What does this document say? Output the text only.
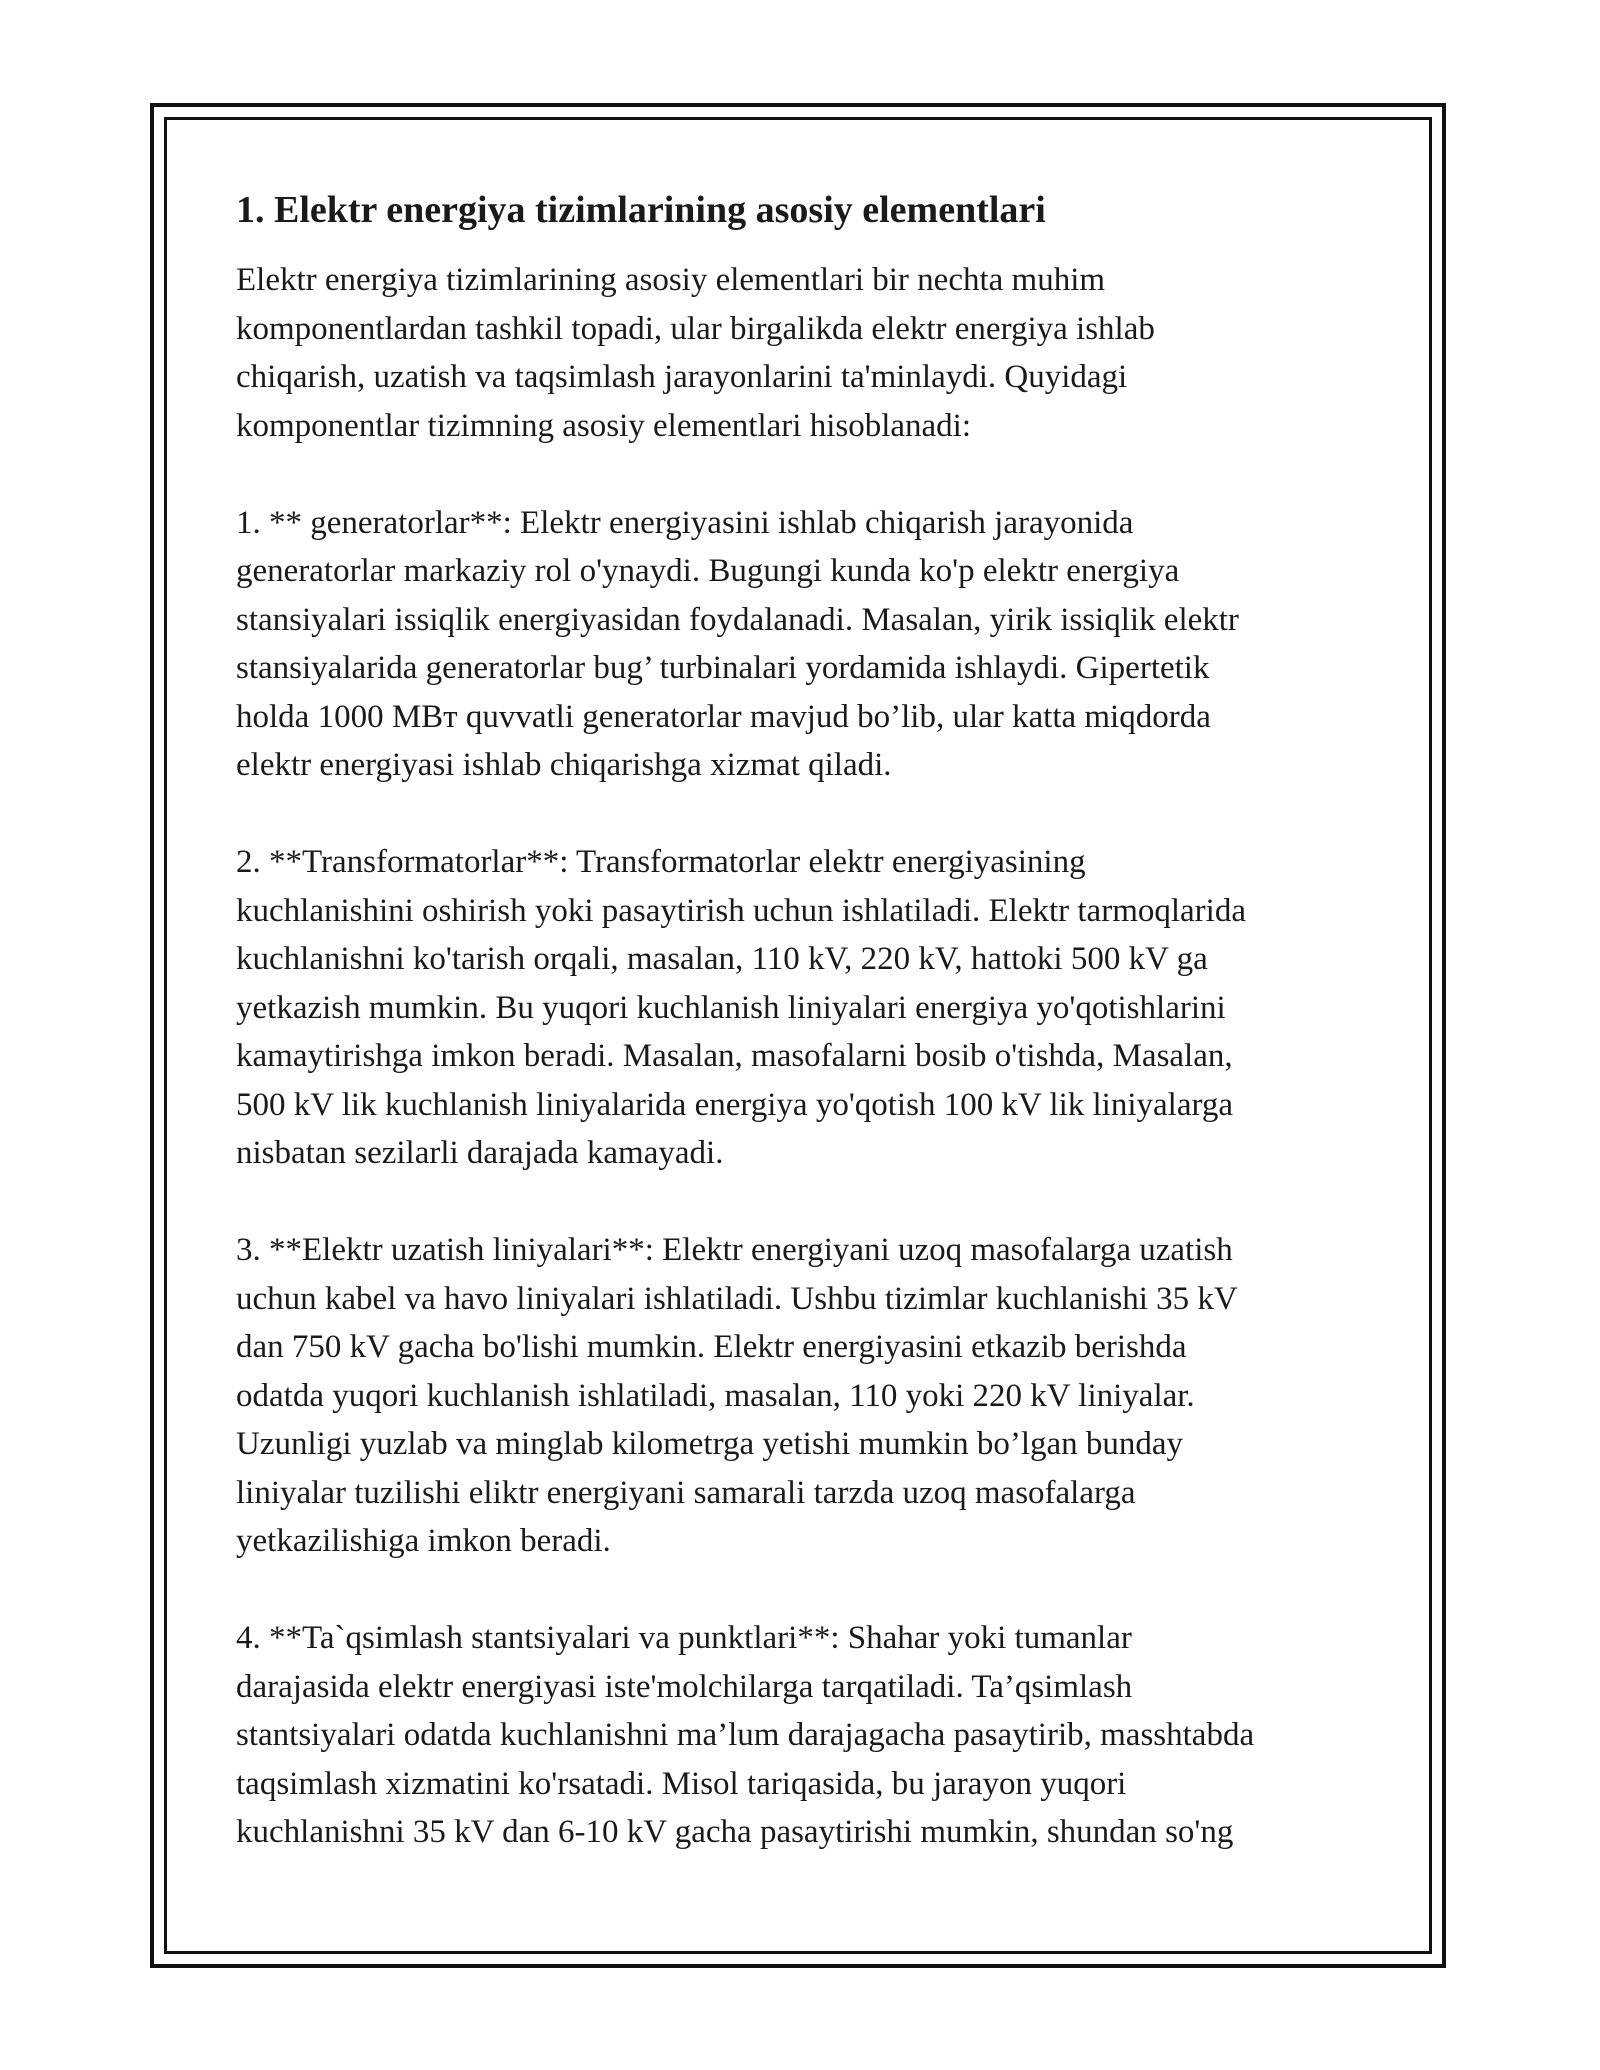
1. Elektr energiya tizimlarining asosiy elementlari

Elektr energiya tizimlarining asosiy elementlari bir nechta muhim
komponentlardan tashkil topadi, ular birgalikda elektr energiya ishlab
chiqarish, uzatish va taqsimlash jarayonlarini ta'minlaydi. Quyidagi
komponentlar tizimning asosiy elementlari hisoblanadi:

1. ** generatorlar**: Elektr energiyasini ishlab chiqarish jarayonida
generatorlar markaziy rol o'ynaydi. Bugungi kunda ko'p elektr energiya
stansiyalari issiqlik energiyasidan foydalanadi. Masalan, yirik issiqlik elektr
stansiyalarida generatorlar bug’ turbinalari yordamida ishlaydi. Gipertetik
holda 1000 МВт quvvatli generatorlar mavjud bo’lib, ular katta miqdorda
elektr energiyasi ishlab chiqarishga xizmat qiladi.

2. **Transformatorlar**: Transformatorlar elektr energiyasining
kuchlanishini oshirish yoki pasaytirish uchun ishlatiladi. Elektr tarmoqlarida
kuchlanishni ko'tarish orqali, masalan, 110 kV, 220 kV, hattoki 500 kV ga
yetkazish mumkin. Bu yuqori kuchlanish liniyalari energiya yo'qotishlarini
kamaytirishga imkon beradi. Masalan, masofalarni bosib o'tishda, Masalan,
500 kV lik kuchlanish liniyalarida energiya yo'qotish 100 kV lik liniyalarga
nisbatan sezilarli darajada kamayadi.

3. **Elektr uzatish liniyalari**: Elektr energiyani uzoq masofalarga uzatish
uchun kabel va havo liniyalari ishlatiladi. Ushbu tizimlar kuchlanishi 35 kV
dan 750 kV gacha bo'lishi mumkin. Elektr energiyasini etkazib berishda
odatda yuqori kuchlanish ishlatiladi, masalan, 110 yoki 220 kV liniyalar.
Uzunligi yuzlab va minglab kilometrga yetishi mumkin bo’lgan bunday
liniyalar tuzilishi eliktr energiyani samarali tarzda uzoq masofalarga
yetkazilishiga imkon beradi.

4. **Ta`qsimlash stantsiyalari va punktlari**: Shahar yoki tumanlar
darajasida elektr energiyasi iste'molchilarga tarqatiladi. Ta’qsimlash
stantsiyalari odatda kuchlanishni ma’lum darajagacha pasaytirib, masshtabda
taqsimlash xizmatini ko'rsatadi. Misol tariqasida, bu jarayon yuqori
kuchlanishni 35 kV dan 6-10 kV gacha pasaytirishi mumkin, shundan so'ng
